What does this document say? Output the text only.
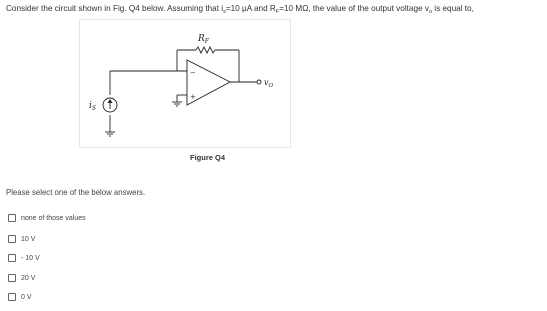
Consider the circuit shown in Fig. Q4 below. Assuming that $i_s=10$ μA and $R_F=10$ MΩ, the value of the output voltage $v_o$ is equal to,
$R_F$
$v_O$
$i_S$
−
+
Figure Q4
Please select one of the below answers.
none of those values
10 V
- 10 V
20 V
0 V
